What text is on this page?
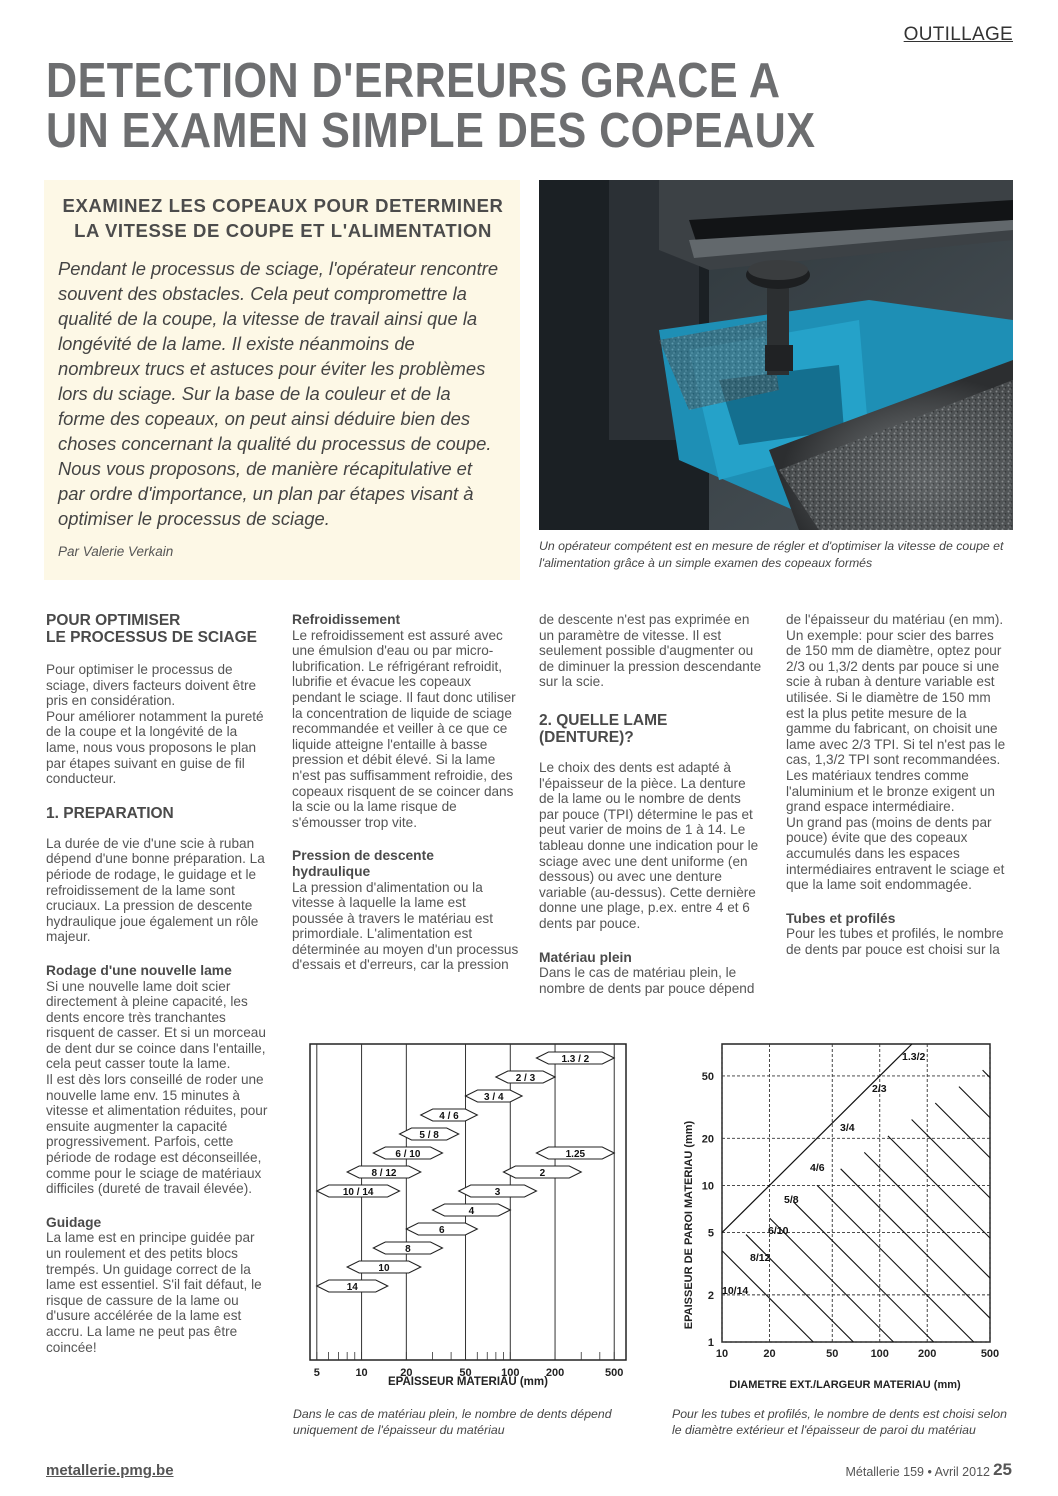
OUTILLAGE
DETECTION D'ERREURS GRACE A
UN EXAMEN SIMPLE DES COPEAUX
EXAMINEZ LES COPEAUX POUR DETERMINER
LA VITESSE DE COUPE ET L'ALIMENTATION
Pendant le processus de sciage, l'opérateur rencontre
souvent des obstacles. Cela peut compromettre la
qualité de la coupe, la vitesse de travail ainsi que la
longévité de la lame. Il existe néanmoins de
nombreux trucs et astuces pour éviter les problèmes
lors du sciage. Sur la base de la couleur et de la
forme des copeaux, on peut ainsi déduire bien des
choses concernant la qualité du processus de coupe.
Nous vous proposons, de manière récapitulative et
par ordre d'importance, un plan par étapes visant à
optimiser le processus de sciage.
Par Valerie Verkain	Un opérateur compétent est en mesure de régler et d'optimiser la vitesse de coupe et l'alimentation grâce à un simple examen des copeaux formés
POUR OPTIMISER
LE PROCESSUS DE SCIAGE

Pour optimiser le processus de sciage, divers facteurs doivent être pris en considération.

Pour améliorer notamment la pureté de la coupe et la longévité de la lame, nous vous proposons le plan par étapes suivant en guise de fil conducteur.

1. PREPARATION

La durée de vie d'une scie à ruban dépend d'une bonne préparation. La période de rodage, le guidage et le refroidissement de la lame sont cruciaux. La pression de descente hydraulique joue également un rôle majeur.

Rodage d'une nouvelle lame

Si une nouvelle lame doit scier directement à pleine capacité, les dents encore très tranchantes risquent de casser. Et si un morceau de dent dur se coince dans l'entaille, cela peut casser toute la lame.

Il est dès lors conseillé de roder une nouvelle lame env. 15 minutes à vitesse et alimentation réduites, pour ensuite augmenter la capacité progressivement. Parfois, cette période de rodage est déconseillée, comme pour le sciage de matériaux difficiles (dureté de travail élevée).

Guidage

La lame est en principe guidée par un roulement et des petits blocs trempés. Un guidage correct de la lame est essentiel. S'il fait défaut, le risque de cassure de la lame ou d'usure accélérée de la lame est accru. La lame ne peut pas être coincée!

Refroidissement

Le refroidissement est assuré avec une émulsion d'eau ou par micro-lubrification. Le réfrigérant refroidit, lubrifie et évacue les copeaux pendant le sciage. Il faut donc utiliser la concentration de liquide de sciage recommandée et veiller à ce que ce liquide atteigne l'entaille à basse pression et débit élevé. Si la lame n'est pas suffisamment refroidie, des copeaux risquent de se coincer dans la scie ou la lame risque de s'émousser trop vite.

Pression de descente
hydraulique

La pression d'alimentation ou la vitesse à laquelle la lame est poussée à travers le matériau est primordiale. L'alimentation est déterminée au moyen d'un processus d'essais et d'erreurs, car la pression

de descente n'est pas exprimée en un paramètre de vitesse. Il est seulement possible d'augmenter ou de diminuer la pression descendante sur la scie.

2. QUELLE LAME (DENTURE)?

Le choix des dents est adapté à l'épaisseur de la pièce. La denture de la lame ou le nombre de dents par pouce (TPI) détermine le pas et peut varier de moins de 1 à 14. Le tableau donne une indication pour le sciage avec une dent uniforme (en dessous) ou avec une denture variable (au-dessus). Cette dernière donne une plage, p.ex. entre 4 et 6 dents par pouce.

Matériau plein

Dans le cas de matériau plein, le nombre de dents par pouce dépend

de l'épaisseur du matériau (en mm). Un exemple: pour scier des barres de 150 mm de diamètre, optez pour 2/3 ou 1,3/2 dents par pouce si une scie à ruban à denture variable est utilisée. Si le diamètre de 150 mm est la plus petite mesure de la gamme du fabricant, on choisit une lame avec 2/3 TPI. Si tel n'est pas le cas, 1,3/2 TPI sont recommandées. Les matériaux tendres comme l'aluminium et le bronze exigent un grand espace intermédiaire.

Un grand pas (moins de dents par pouce) évite que des copeaux accumulés dans les espaces intermédiaires entravent le sciage et que la lame soit endommagée.

Tubes et profilés

Pour les tubes et profilés, le nombre de dents par pouce est choisi sur la

1.3 / 2
2 / 3
3 / 4
4 / 6
5 / 8
6 / 10
8 / 12
10 / 14
1.25
2
3
4
6
8
10
14
5	10	20	50	100 200	500
EPAISSEUR MATERIAU (mm)
1.3/2
2/3
3/4
4/6
5/8
6/10
8/12
10/14
10	20	50	100	200	500
1
2
5
10
20
50
DIAMETRE EXT./LARGEUR MATERIAU (mm)
EPAISSEUR DE PAROI MATERIAU (mm)
Dans le cas de matériau plein, le nombre de dents dépend uniquement de l'épaisseur du matériau
Pour les tubes et profilés, le nombre de dents est choisi selon le diamètre extérieur et l'épaisseur de paroi du matériau
metallerie.pmg.be	Métallerie 159 • Avril 2012 25
